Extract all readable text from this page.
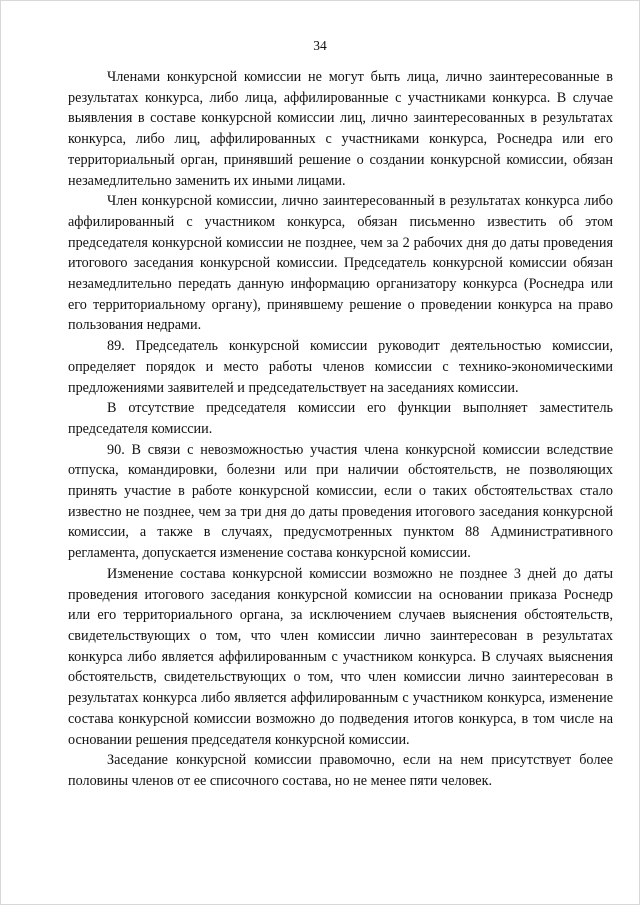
34

Членами конкурсной комиссии не могут быть лица, лично заинтересованные в результатах конкурса, либо лица, аффилированные с участниками конкурса. В случае выявления в составе конкурсной комиссии лиц, лично заинтересованных в результатах конкурса, либо лиц, аффилированных с участниками конкурса, Роснедра или его территориальный орган, принявший решение о создании конкурсной комиссии, обязан незамедлительно заменить их иными лицами.

Член конкурсной комиссии, лично заинтересованный в результатах конкурса либо аффилированный с участником конкурса, обязан письменно известить об этом председателя конкурсной комиссии не позднее, чем за 2 рабочих дня до даты проведения итогового заседания конкурсной комиссии. Председатель конкурсной комиссии обязан незамедлительно передать данную информацию организатору конкурса (Роснедра или его территориальному органу), принявшему решение о проведении конкурса на право пользования недрами.

89. Председатель конкурсной комиссии руководит деятельностью комиссии, определяет порядок и место работы членов комиссии с технико-экономическими предложениями заявителей и председательствует на заседаниях комиссии.

В отсутствие председателя комиссии его функции выполняет заместитель председателя комиссии.

90. В связи с невозможностью участия члена конкурсной комиссии вследствие отпуска, командировки, болезни или при наличии обстоятельств, не позволяющих принять участие в работе конкурсной комиссии, если о таких обстоятельствах стало известно не позднее, чем за три дня до даты проведения итогового заседания конкурсной комиссии, а также в случаях, предусмотренных пунктом 88 Административного регламента, допускается изменение состава конкурсной комиссии.

Изменение состава конкурсной комиссии возможно не позднее 3 дней до даты проведения итогового заседания конкурсной комиссии на основании приказа Роснедр или его территориального органа, за исключением случаев выяснения обстоятельств, свидетельствующих о том, что член комиссии лично заинтересован в результатах конкурса либо является аффилированным с участником конкурса. В случаях выяснения обстоятельств, свидетельствующих о том, что член комиссии лично заинтересован в результатах конкурса либо является аффилированным с участником конкурса, изменение состава конкурсной комиссии возможно до подведения итогов конкурса, в том числе на основании решения председателя конкурсной комиссии.

Заседание конкурсной комиссии правомочно, если на нем присутствует более половины членов от ее списочного состава, но не менее пяти человек.
